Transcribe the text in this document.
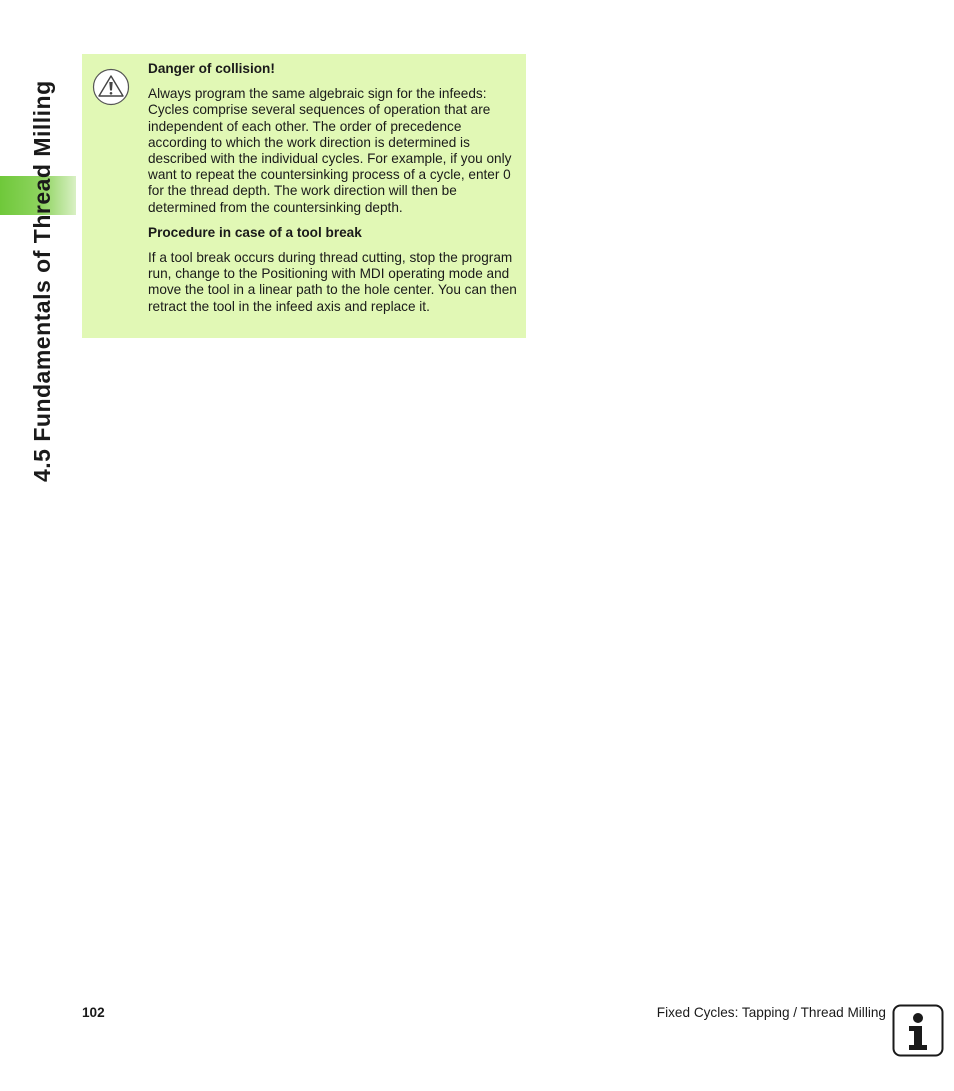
4.5 Fundamentals of Thread Milling
Danger of collision!
Always program the same algebraic sign for the infeeds: Cycles comprise several sequences of operation that are independent of each other. The order of precedence according to which the work direction is determined is described with the individual cycles. For example, if you only want to repeat the countersinking process of a cycle, enter 0 for the thread depth. The work direction will then be determined from the countersinking depth.
Procedure in case of a tool break
If a tool break occurs during thread cutting, stop the program run, change to the Positioning with MDI operating mode and move the tool in a linear path to the hole center. You can then retract the tool in the infeed axis and replace it.
102	Fixed Cycles: Tapping / Thread Milling
